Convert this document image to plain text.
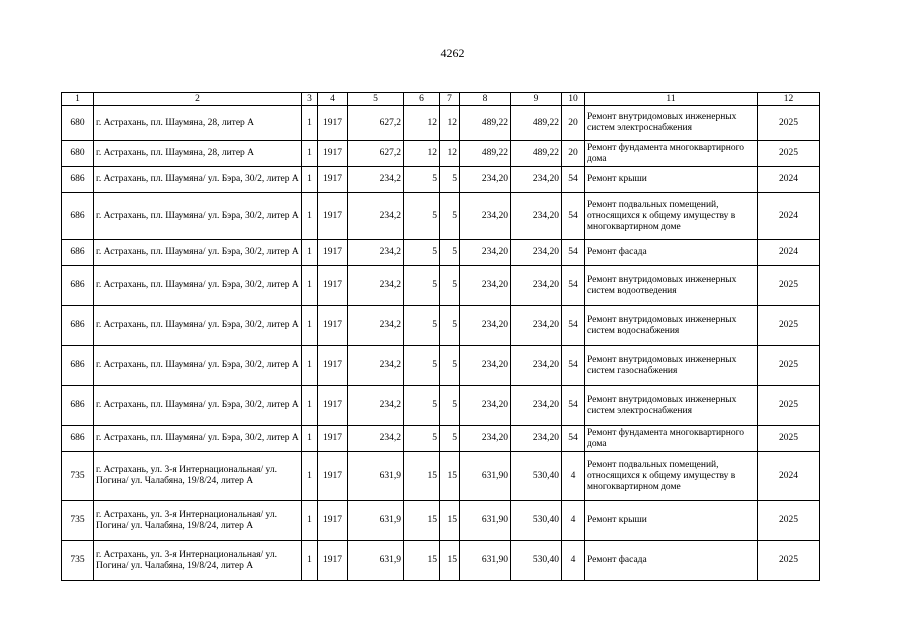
4262
1	2	3	4	5	6	7	8	9	10	11	12
680	г. Астрахань, пл. Шаумяна, 28, литер А	1	1917	627,2	12	12	489,22	489,22	20	Ремонт внутридомовых инженерных систем электроснабжения	2025
680	г. Астрахань, пл. Шаумяна, 28, литер А	1	1917	627,2	12	12	489,22	489,22	20	Ремонт фундамента многоквартирного дома	2025
686	г. Астрахань, пл. Шаумяна/ ул. Бэра, 30/2, литер А	1	1917	234,2	5	5	234,20	234,20	54	Ремонт крыши	2024
686	г. Астрахань, пл. Шаумяна/ ул. Бэра, 30/2, литер А	1	1917	234,2	5	5	234,20	234,20	54	Ремонт подвальных помещений, относящихся к общему имуществу в многоквартирном доме	2024
686	г. Астрахань, пл. Шаумяна/ ул. Бэра, 30/2, литер А	1	1917	234,2	5	5	234,20	234,20	54	Ремонт фасада	2024
686	г. Астрахань, пл. Шаумяна/ ул. Бэра, 30/2, литер А	1	1917	234,2	5	5	234,20	234,20	54	Ремонт внутридомовых инженерных систем водоотведения	2025
686	г. Астрахань, пл. Шаумяна/ ул. Бэра, 30/2, литер А	1	1917	234,2	5	5	234,20	234,20	54	Ремонт внутридомовых инженерных систем водоснабжения	2025
686	г. Астрахань, пл. Шаумяна/ ул. Бэра, 30/2, литер А	1	1917	234,2	5	5	234,20	234,20	54	Ремонт внутридомовых инженерных систем газоснабжения	2025
686	г. Астрахань, пл. Шаумяна/ ул. Бэра, 30/2, литер А	1	1917	234,2	5	5	234,20	234,20	54	Ремонт внутридомовых инженерных систем электроснабжения	2025
686	г. Астрахань, пл. Шаумяна/ ул. Бэра, 30/2, литер А	1	1917	234,2	5	5	234,20	234,20	54	Ремонт фундамента многоквартирного дома	2025
735	г. Астрахань, ул. 3-я Интернациональная/ ул. Погина/ ул. Чалабяна, 19/8/24, литер А	1	1917	631,9	15	15	631,90	530,40	4	Ремонт подвальных помещений, относящихся к общему имуществу в многоквартирном доме	2024
735	г. Астрахань, ул. 3-я Интернациональная/ ул. Погина/ ул. Чалабяна, 19/8/24, литер А	1	1917	631,9	15	15	631,90	530,40	4	Ремонт крыши	2025
735	г. Астрахань, ул. 3-я Интернациональная/ ул. Погина/ ул. Чалабяна, 19/8/24, литер А	1	1917	631,9	15	15	631,90	530,40	4	Ремонт фасада	2025
